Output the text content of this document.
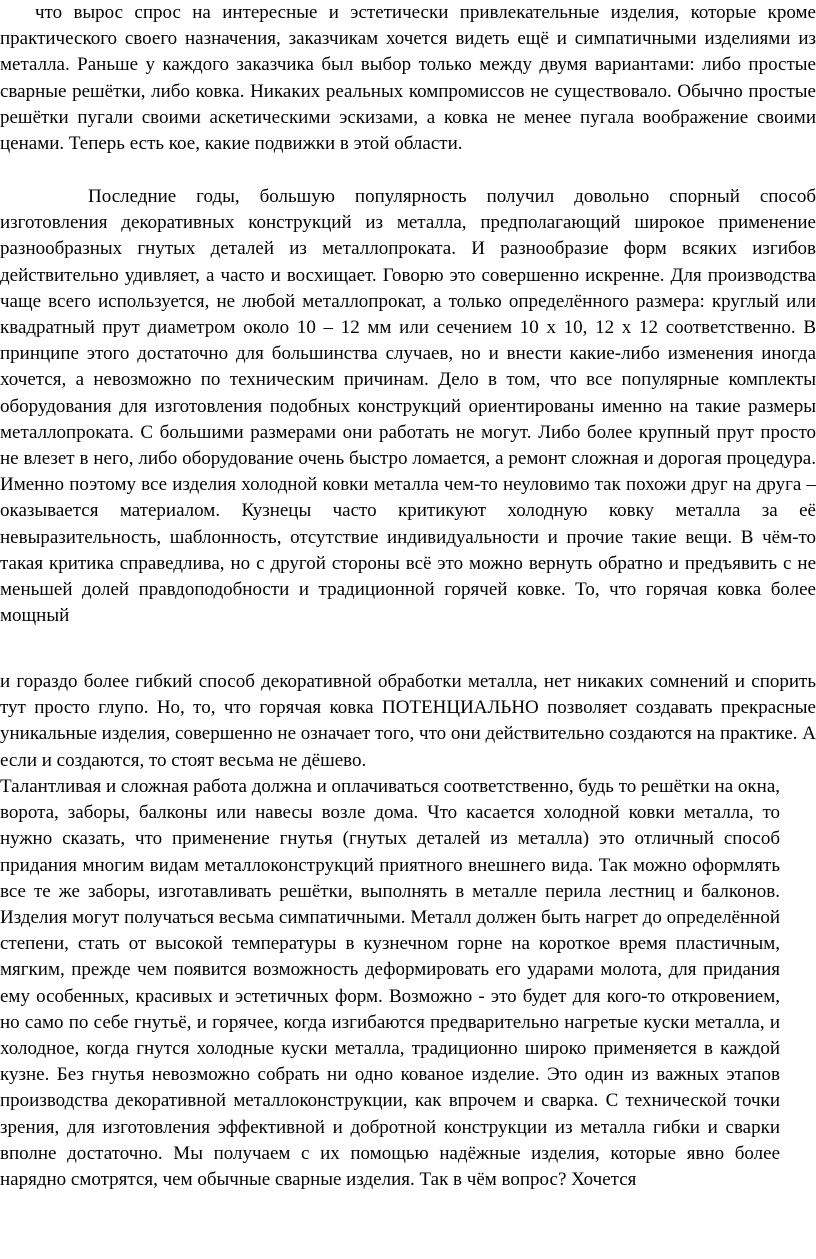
что вырос спрос на интересные и эстетически привлекательные изделия, которые кроме практического своего назначения, заказчикам хочется видеть ещё и симпатичными изделиями из металла. Раньше у каждого заказчика был выбор только между двумя вариантами: либо простые сварные решётки, либо ковка. Никаких реальных компромиссов не существовало. Обычно простые решётки пугали своими аскетическими эскизами, а ковка не менее пугала воображение своими ценами. Теперь есть кое, какие подвижки в этой области.

Последние годы, большую популярность получил довольно спорный способ изготовления декоративных конструкций из металла, предполагающий широкое применение разнообразных гнутых деталей из металлопроката. И разнообразие форм всяких изгибов действительно удивляет, а часто и восхищает. Говорю это совершенно искренне. Для производства чаще всего используется, не любой металлопрокат, а только определённого размера: круглый или квадратный прут диаметром около 10 – 12 мм или сечением 10 х 10, 12 х 12 соответственно. В принципе этого достаточно для большинства случаев, но и внести какие-либо изменения иногда хочется, а невозможно по техническим причинам. Дело в том, что все популярные комплекты оборудования для изготовления подобных конструкций ориентированы именно на такие размеры металлопроката. С большими размерами они работать не могут. Либо более крупный прут просто не влезет в него, либо оборудование очень быстро ломается, а ремонт сложная и дорогая процедура. Именно поэтому все изделия холодной ковки металла чем-то неуловимо так похожи друг на друга – оказывается материалом. Кузнецы часто критикуют холодную ковку металла за её невыразительность, шаблонность, отсутствие индивидуальности и прочие такие вещи. В чём-то такая критика справедлива, но с другой стороны всё это можно вернуть обратно и предъявить с не меньшей долей правдоподобности и традиционной горячей ковке. То, что горячая ковка более мощный

и гораздо более гибкий способ декоративной обработки металла, нет никаких сомнений и спорить тут просто глупо. Но, то, что горячая ковка ПОТЕНЦИАЛЬНО позволяет создавать прекрасные уникальные изделия, совершенно не означает того, что они действительно создаются на практике. А если и создаются, то стоят весьма не дёшево.

Талантливая и сложная работа должна и оплачиваться соответственно, будь то решётки на окна, ворота, заборы, балконы или навесы возле дома. Что касается холодной ковки металла, то нужно сказать, что применение гнутья (гнутых деталей из металла) это отличный способ придания многим видам металлоконструкций приятного внешнего вида. Так можно оформлять все те же заборы, изготавливать решётки, выполнять в металле перила лестниц и балконов. Изделия могут получаться весьма симпатичными. Металл должен быть нагрет до определённой степени, стать от высокой температуры в кузнечном горне на короткое время пластичным, мягким, прежде чем появится возможность деформировать его ударами молота, для придания ему особенных, красивых и эстетичных форм. Возможно - это будет для кого-то откровением, но само по себе гнутьё, и горячее, когда изгибаются предварительно нагретые куски металла, и холодное, когда гнутся холодные куски металла, традиционно широко применяется в каждой кузне. Без гнутья невозможно собрать ни одно кованое изделие. Это один из важных этапов производства декоративной металлоконструкции, как впрочем и сварка. С технической точки зрения, для изготовления эффективной и добротной конструкции из металла гибки и сварки вполне достаточно. Мы получаем с их помощью надёжные изделия, которые явно более нарядно смотрятся, чем обычные сварные изделия. Так в чём вопрос? Хочется
